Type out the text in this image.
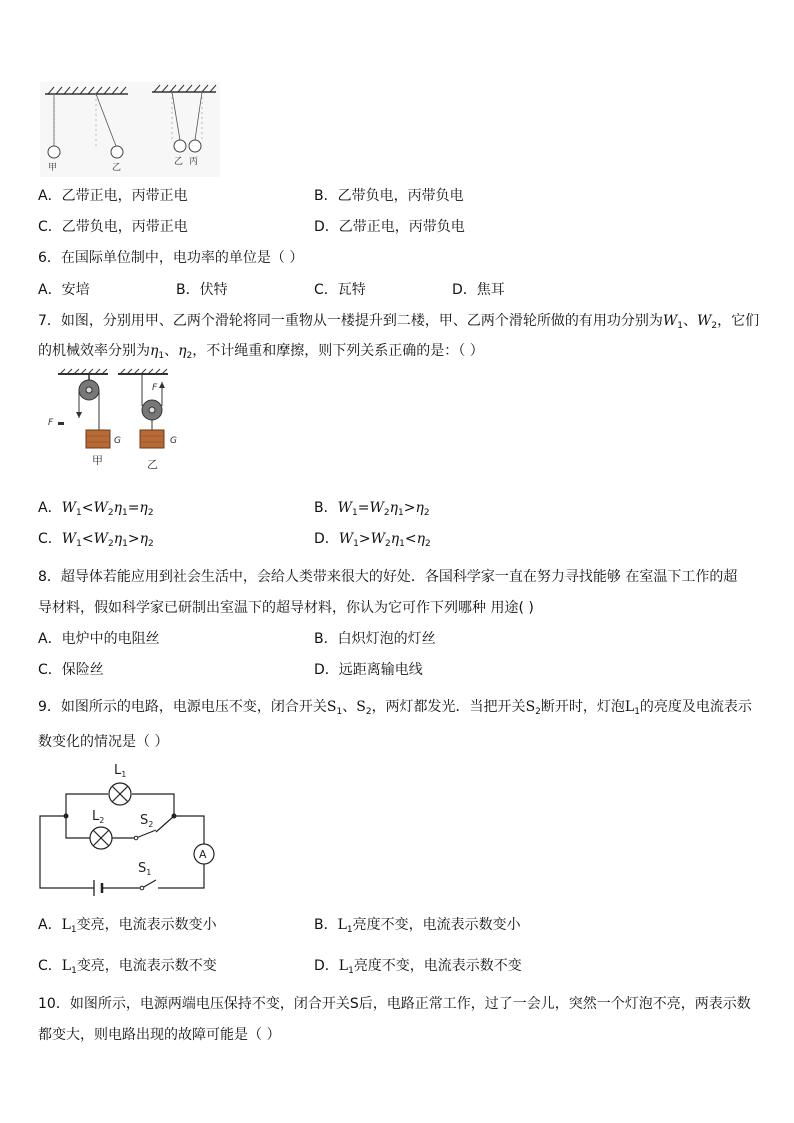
甲	乙
乙 丙
A．乙带正电，丙带正电	B．乙带负电，丙带负电
C．乙带负电，丙带正电	D．乙带正电，丙带负电
6．在国际单位制中，电功率的单位是（ ）
A．安培	B．伏特	C．瓦特	D．焦耳
7．如图，分别用甲、乙两个滑轮将同一重物从一楼提升到二楼，甲、乙两个滑轮所做的有用功分别为$W_1$、$W_2$，它们
的机械效率分别为$\eta_1$、$\eta_2$，不计绳重和摩擦，则下列关系正确的是：（ ）
F
G
甲
F
G
乙
A．$W_1<W_2\eta_1=\eta_2$	B．$W_1=W_2\eta_1>\eta_2$
C．$W_1<W_2\eta_1>\eta_2$	D．$W_1>W_2\eta_1<\eta_2$
8．超导体若能应用到社会生活中，会给人类带来很大的好处．各国科学家一直在努力寻找能够 在室温下工作的超
导材料，假如科学家已研制出室温下的超导材料，你认为它可作下列哪种 用途( )
A．电炉中的电阻丝	B．白炽灯泡的灯丝
C．保险丝	D．远距离输电线
9．如图所示的电路，电源电压不变，闭合开关$S_1$、$S_2$，两灯都发光．当把开关$S_2$断开时，灯泡$L_1$的亮度及电流表示
数变化的情况是（ ）
$L_1$
$L_2$	$S_2$
$S_1$
A
A．$L_1$变亮，电流表示数变小	B．$L_1$亮度不变，电流表示数变小
C．$L_1$变亮，电流表示数不变	D．$L_1$亮度不变，电流表示数不变
10．如图所示，电源两端电压保持不变，闭合开关S后，电路正常工作，过了一会儿，突然一个灯泡不亮，两表示数
都变大，则电路出现的故障可能是（ ）
